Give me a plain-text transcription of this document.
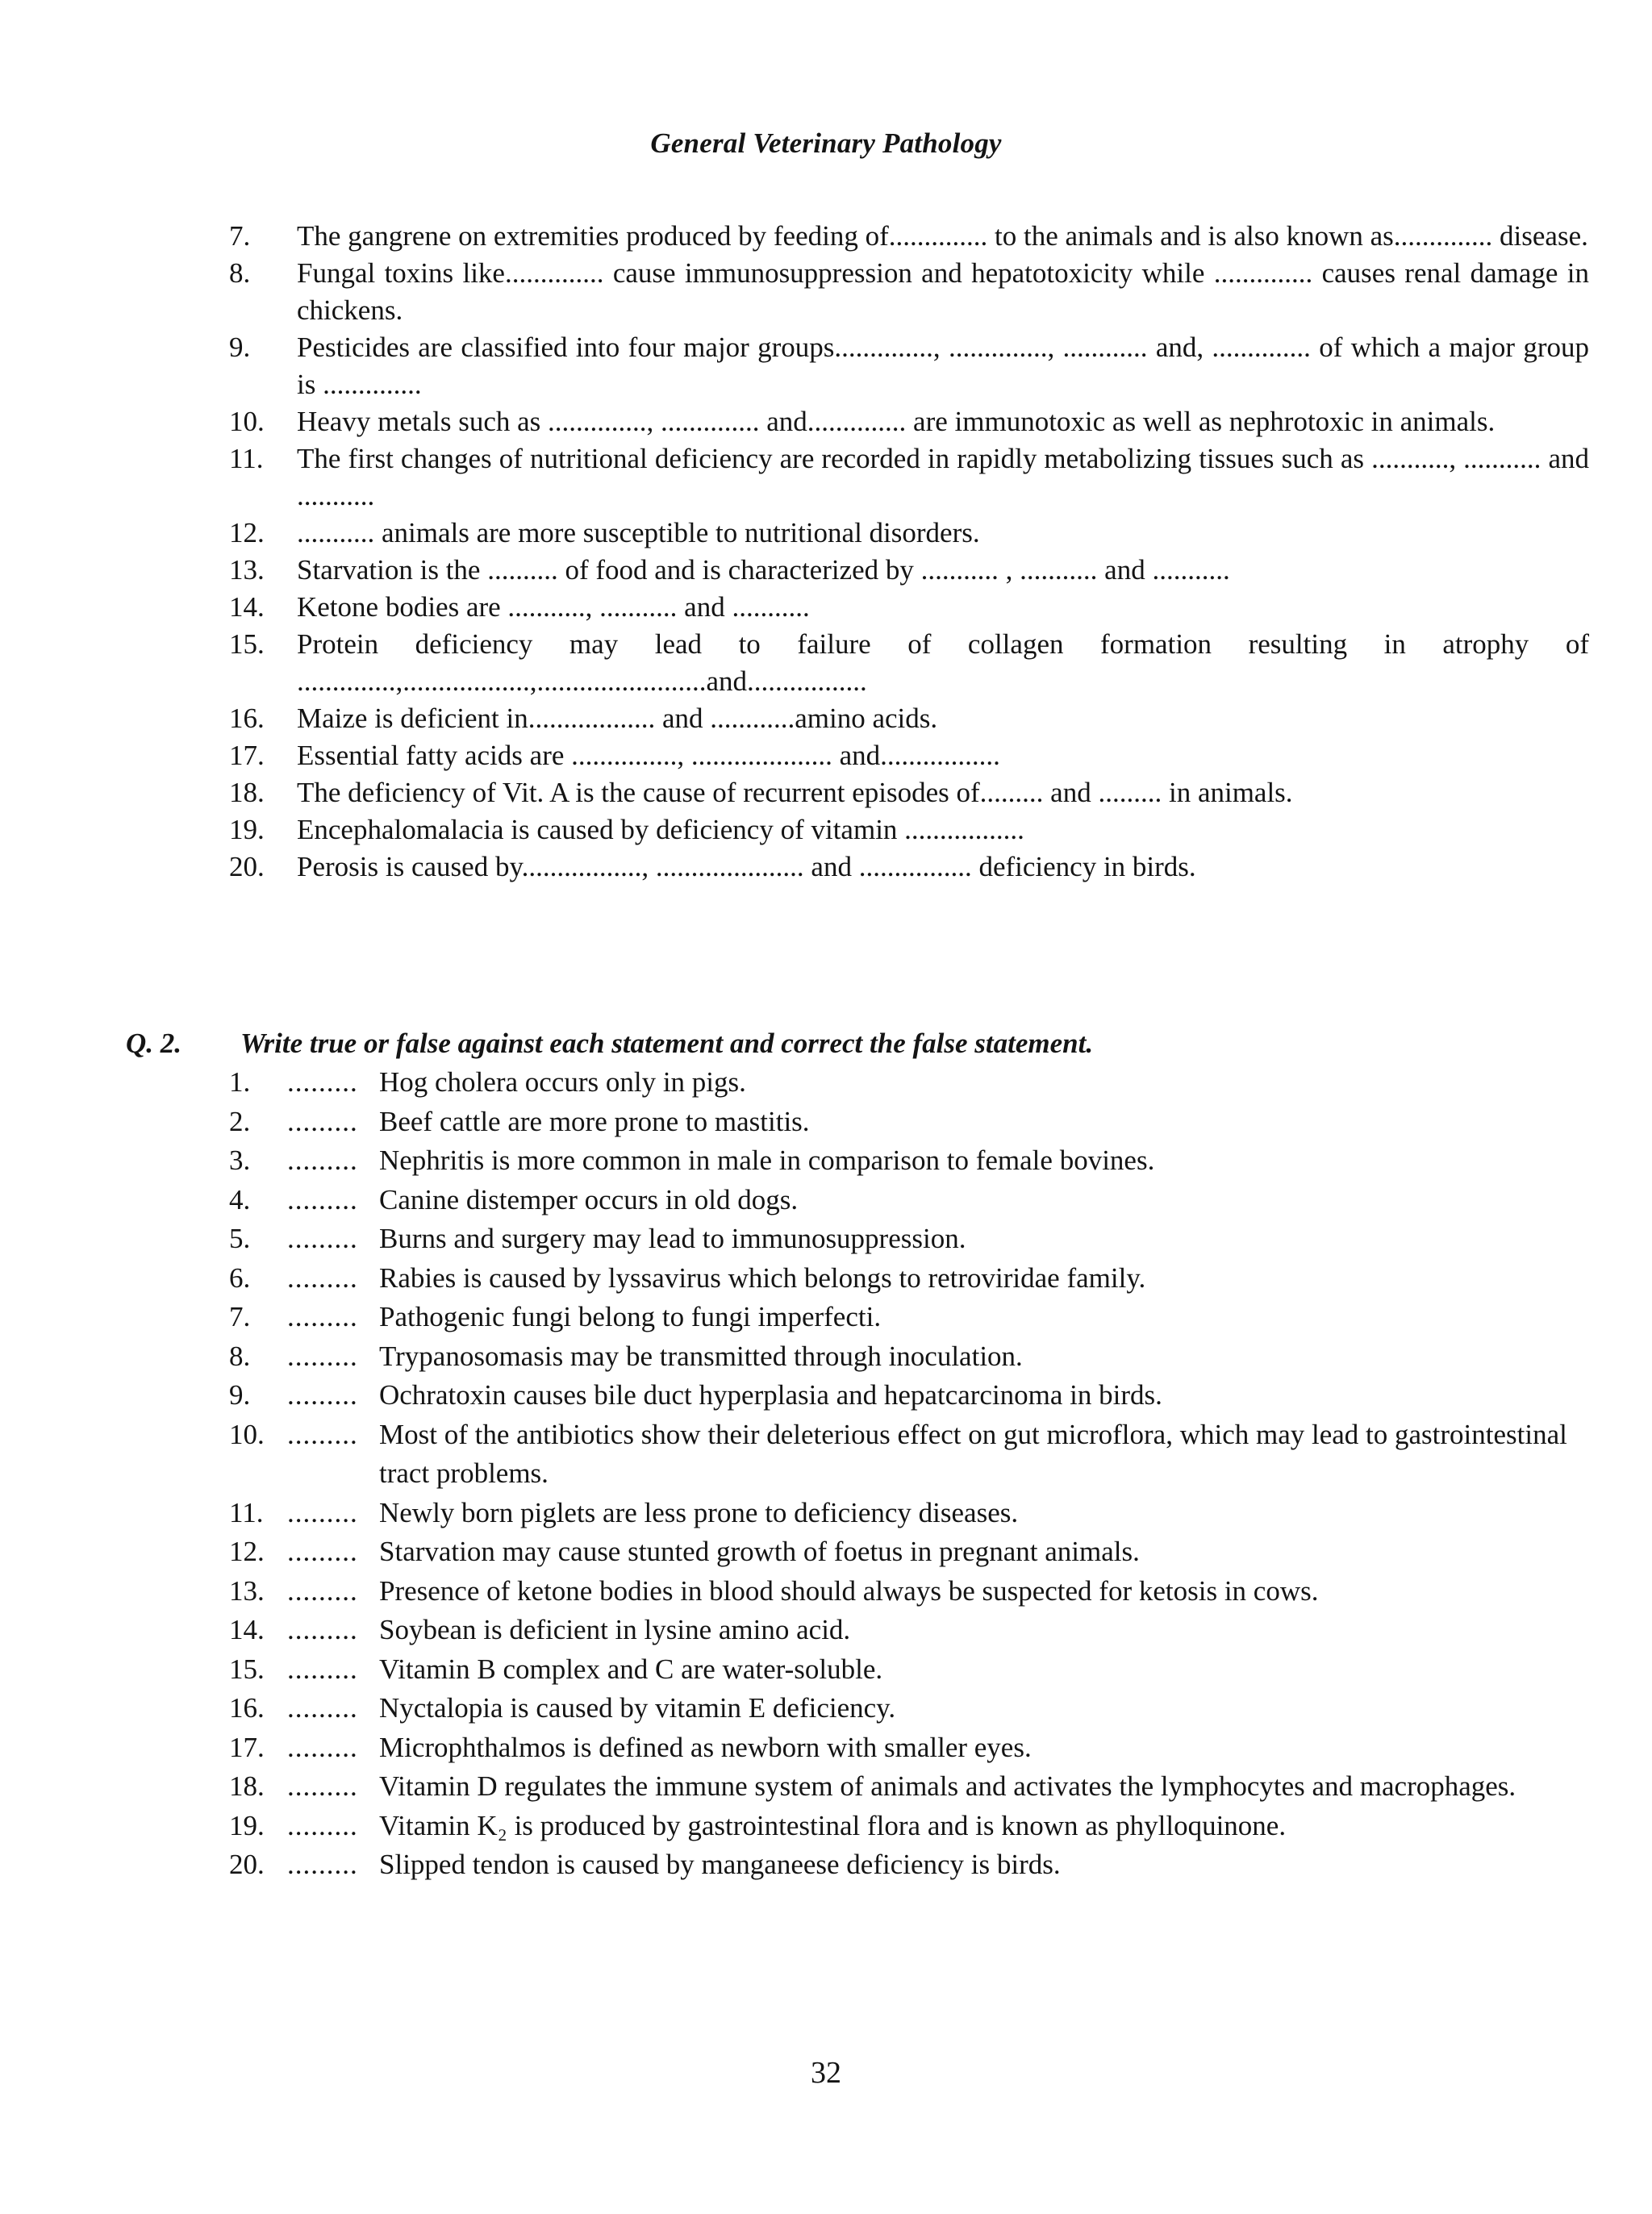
General Veterinary Pathology
7.	The gangrene on extremities produced by feeding of.............. to the animals and is also known as.............. disease.
8.	Fungal toxins like.............. cause immunosuppression and hepatotoxicity while .............. causes renal damage in chickens.
9.	Pesticides are classified into four major groups.............., .............., ............ and, .............. of which a major group is ..............
10.	Heavy metals such as .............., .............. and.............. are immunotoxic as well as nephrotoxic in animals.
11.	The first changes of nutritional deficiency are recorded in rapidly metabolizing tissues such as ..........., ........... and ...........
12.	........... animals are more susceptible to nutritional disorders.
13.	Starvation is the .......... of food and is characterized by ........... , ........... and ...........
14.	Ketone bodies are ..........., ........... and ...........
15.	Protein deficiency may lead to failure of collagen formation resulting in atrophy of ..............,..................,........................and.................
16.	Maize is deficient in.................. and ............amino acids.
17.	Essential fatty acids are ..............., .................... and.................
18.	The deficiency of Vit. A is the cause of recurrent episodes of......... and ......... in animals.
19.	Encephalomalacia is caused by deficiency of vitamin .................
20.	Perosis is caused by................., ..................... and ................ deficiency in birds.
Q. 2.	Write true or false against each statement and correct the false statement.
1.	......... Hog cholera occurs only in pigs.
2.	......... Beef cattle are more prone to mastitis.
3.	......... Nephritis is more common in male in comparison to female bovines.
4.	......... Canine distemper occurs in old dogs.
5.	......... Burns and surgery may lead to immunosuppression.
6.	......... Rabies is caused by lyssavirus which belongs to retroviridae family.
7.	......... Pathogenic fungi belong to fungi imperfecti.
8.	......... Trypanosomasis may be transmitted through inoculation.
9.	......... Ochratoxin causes bile duct hyperplasia and hepatcarcinoma in birds.
10. ......... Most of the antibiotics show their deleterious effect on gut microflora, which may lead to gastrointestinal tract problems.
11. ......... Newly born piglets are less prone to deficiency diseases.
12. ......... Starvation may cause stunted growth of foetus in pregnant animals.
13. ......... Presence of ketone bodies in blood should always be suspected for ketosis in cows.
14. ......... Soybean is deficient in lysine amino acid.
15. ......... Vitamin B complex and C are water-soluble.
16. ......... Nyctalopia is caused by vitamin E deficiency.
17. ......... Microphthalmos is defined as newborn with smaller eyes.
18. ......... Vitamin D regulates the immune system of animals and activates the lymphocytes and macrophages.
19. ......... Vitamin K₂ is produced by gastrointestinal flora and is known as phylloquinone.
20. ......... Slipped tendon is caused by manganeese deficiency is birds.
32
